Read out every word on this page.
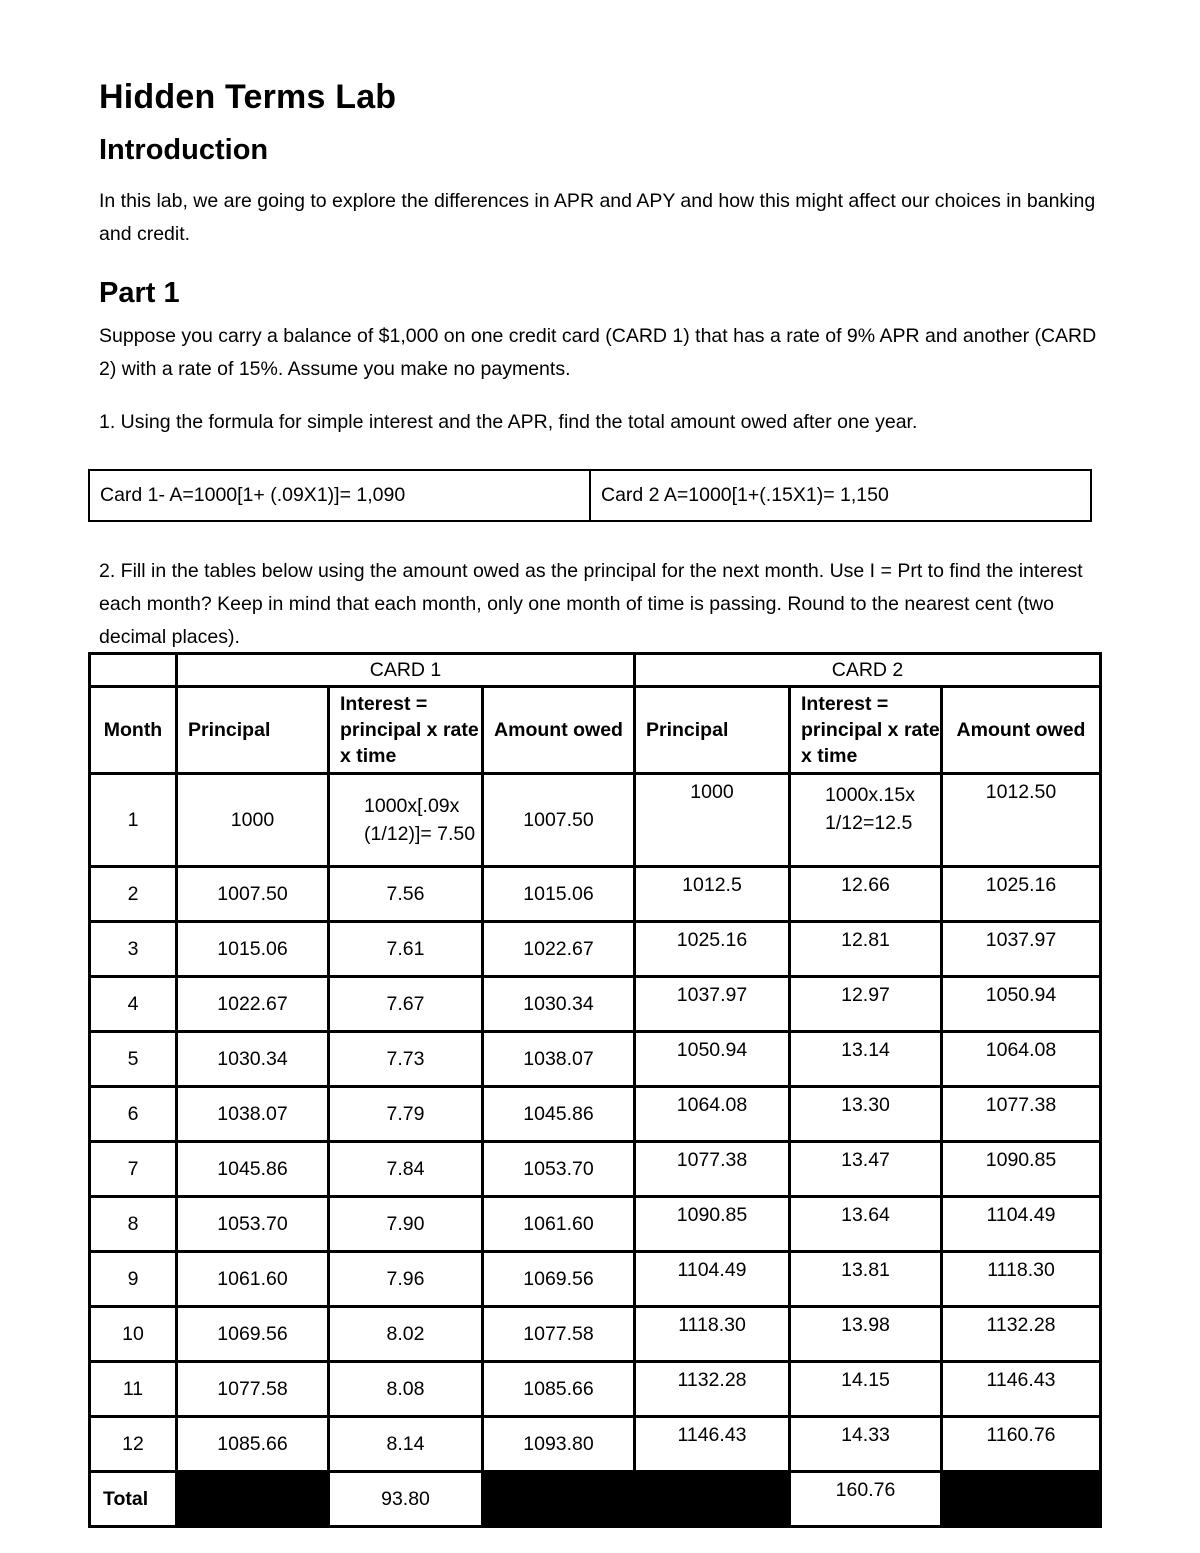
Hidden Terms Lab
Introduction

In this lab, we are going to explore the differences in APR and APY and how this might affect our choices in banking and credit.

Part 1

Suppose you carry a balance of $1,000 on one credit card (CARD 1) that has a rate of 9% APR and another (CARD 2) with a rate of 15%. Assume you make no payments.

1. Using the formula for simple interest and the APR, find the total amount owed after one year.

Card 1- A=1000[1+ (.09X1)]= 1,090	Card 2 A=1000[1+(.15X1)= 1,150

2. Fill in the tables below using the amount owed as the principal for the next month. Use I = Prt to find the interest each month? Keep in mind that each month, only one month of time is passing. Round to the nearest cent (two decimal places).

	CARD 1			CARD 2		
Month	Principal	Interest = principal x rate x time	Amount owed	Principal	Interest = principal x rate x time	Amount owed
1	1000	1000x[.09x (1/12)]= 7.50	1007.50	1000	1000x.15x 1/12=12.5	1012.50
2	1007.50	7.56	1015.06	1012.5	12.66	1025.16
3	1015.06	7.61	1022.67	1025.16	12.81	1037.97
4	1022.67	7.67	1030.34	1037.97	12.97	1050.94
5	1030.34	7.73	1038.07	1050.94	13.14	1064.08
6	1038.07	7.79	1045.86	1064.08	13.30	1077.38
7	1045.86	7.84	1053.70	1077.38	13.47	1090.85
8	1053.70	7.90	1061.60	1090.85	13.64	1104.49
9	1061.60	7.96	1069.56	1104.49	13.81	1118.30
10	1069.56	8.02	1077.58	1118.30	13.98	1132.28
11	1077.58	8.08	1085.66	1132.28	14.15	1146.43
12	1085.66	8.14	1093.80	1146.43	14.33	1160.76
Total		93.80			160.76	
